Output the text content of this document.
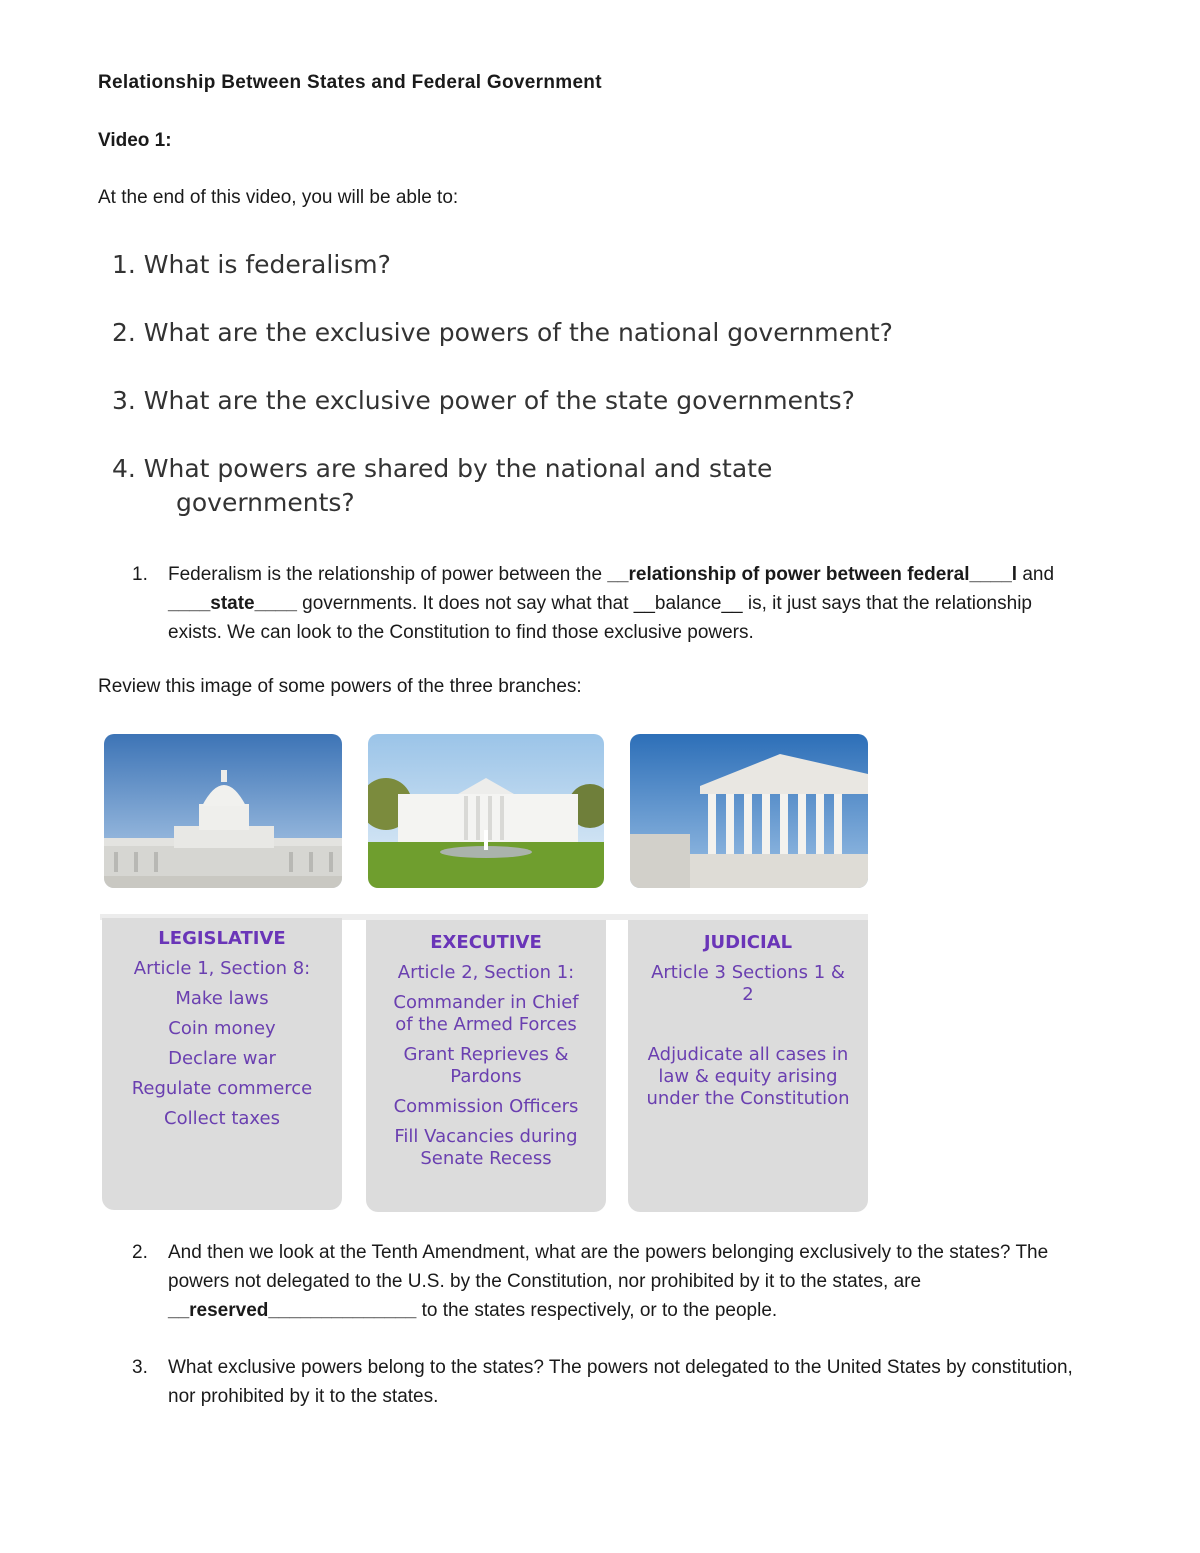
Relationship Between States and Federal Government
Video 1:
At the end of this video, you will be able to:
1. What is federalism?
2. What are the exclusive powers of the national government?
3. What are the exclusive power of the state governments?
4. What powers are shared by the national and state
governments?
1. Federalism is the relationship of power between the __relationship of power between federal____l and ____state____ governments. It does not say what that __balance__ is, it just says that the relationship exists. We can look to the Constitution to find those exclusive powers.
Review this image of some powers of the three branches:
LEGISLATIVE
Article 1, Section 8:
Make laws
Coin money
Declare war
Regulate commerce
Collect taxes
EXECUTIVE
Article 2, Section 1:
Commander in Chief of the Armed Forces
Grant Reprieves & Pardons
Commission Officers
Fill Vacancies during Senate Recess
JUDICIAL
Article 3 Sections 1 & 2
Adjudicate all cases in law & equity arising under the Constitution
2. And then we look at the Tenth Amendment, what are the powers belonging exclusively to the states? The powers not delegated to the U.S. by the Constitution, nor prohibited by it to the states, are __reserved______________ to the states respectively, or to the people.
3. What exclusive powers belong to the states? The powers not delegated to the United States by constitution, nor prohibited by it to the states.
